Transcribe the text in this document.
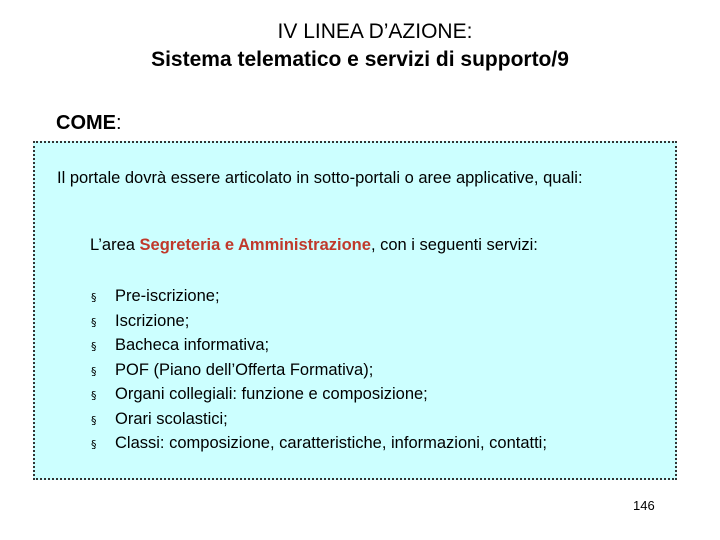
IV LINEA D’AZIONE:
Sistema telematico e servizi di supporto/9
COME:
Il portale dovrà essere articolato in sotto-portali o aree applicative, quali:
L’area Segreteria e Amministrazione, con i seguenti servizi:
§	Pre-iscrizione;
§	Iscrizione;
§	Bacheca informativa;
§	POF (Piano dell’Offerta Formativa);
§	Organi collegiali: funzione e composizione;
§	Orari scolastici;
§	Classi: composizione, caratteristiche, informazioni, contatti;
146
